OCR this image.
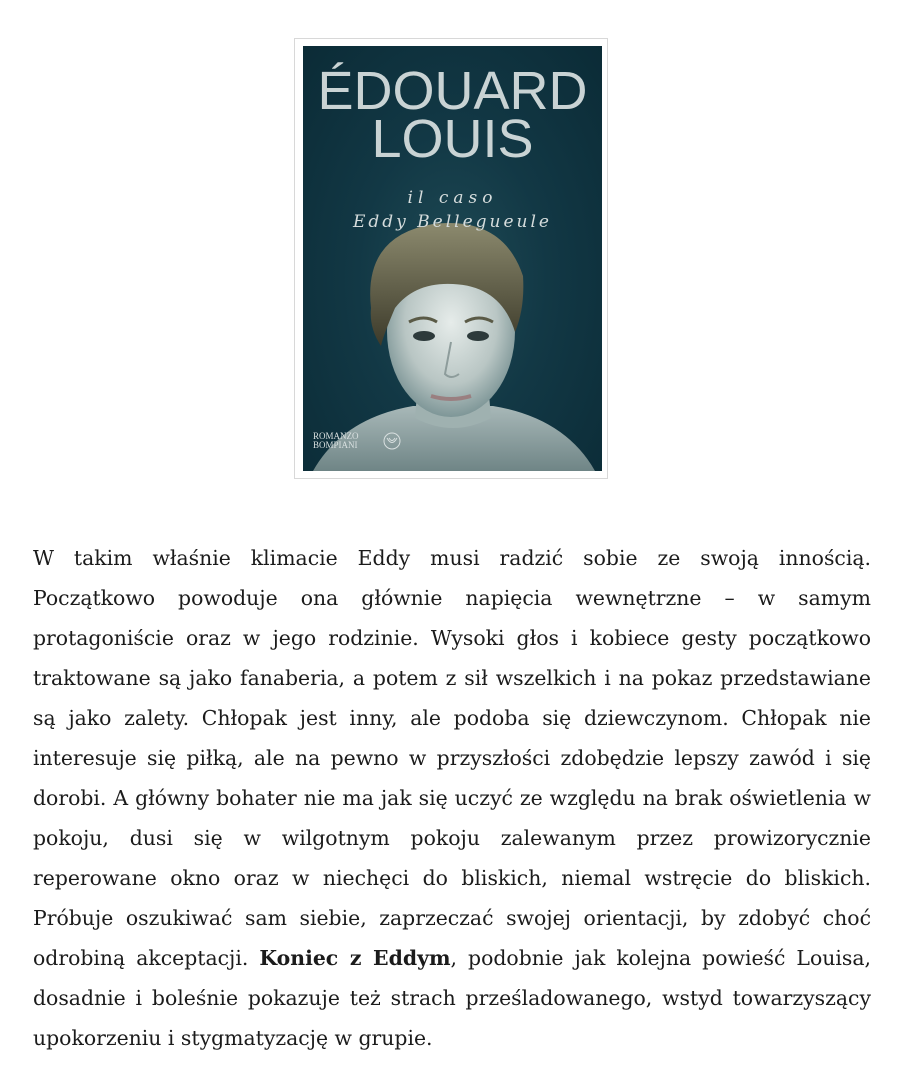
ÉDOUARD
LOUIS
il caso
Eddy Bellegueule
ROMANZO
BOMPIANI
W takim właśnie klimacie Eddy musi radzić sobie ze swoją innością.
Początkowo powoduje ona głównie napięcia wewnętrzne – w samym
protagoniście oraz w jego rodzinie. Wysoki głos i kobiece gesty początkowo
traktowane są jako fanaberia, a potem z sił wszelkich i na pokaz przedstawiane
są jako zalety. Chłopak jest inny, ale podoba się dziewczynom. Chłopak nie
interesuje się piłką, ale na pewno w przyszłości zdobędzie lepszy zawód i się
dorobi. A główny bohater nie ma jak się uczyć ze względu na brak oświetlenia w
pokoju, dusi się w wilgotnym pokoju zalewanym przez prowizorycznie
reperowane okno oraz w niechęci do bliskich, niemal wstręcie do bliskich.
Próbuje oszukiwać sam siebie, zaprzeczać swojej orientacji, by zdobyć choć
odrobiną akceptacji. Koniec z Eddym, podobnie jak kolejna powieść Louisa,
dosadnie i boleśnie pokazuje też strach prześladowanego, wstyd towarzyszący
upokorzeniu i stygmatyzację w grupie.
